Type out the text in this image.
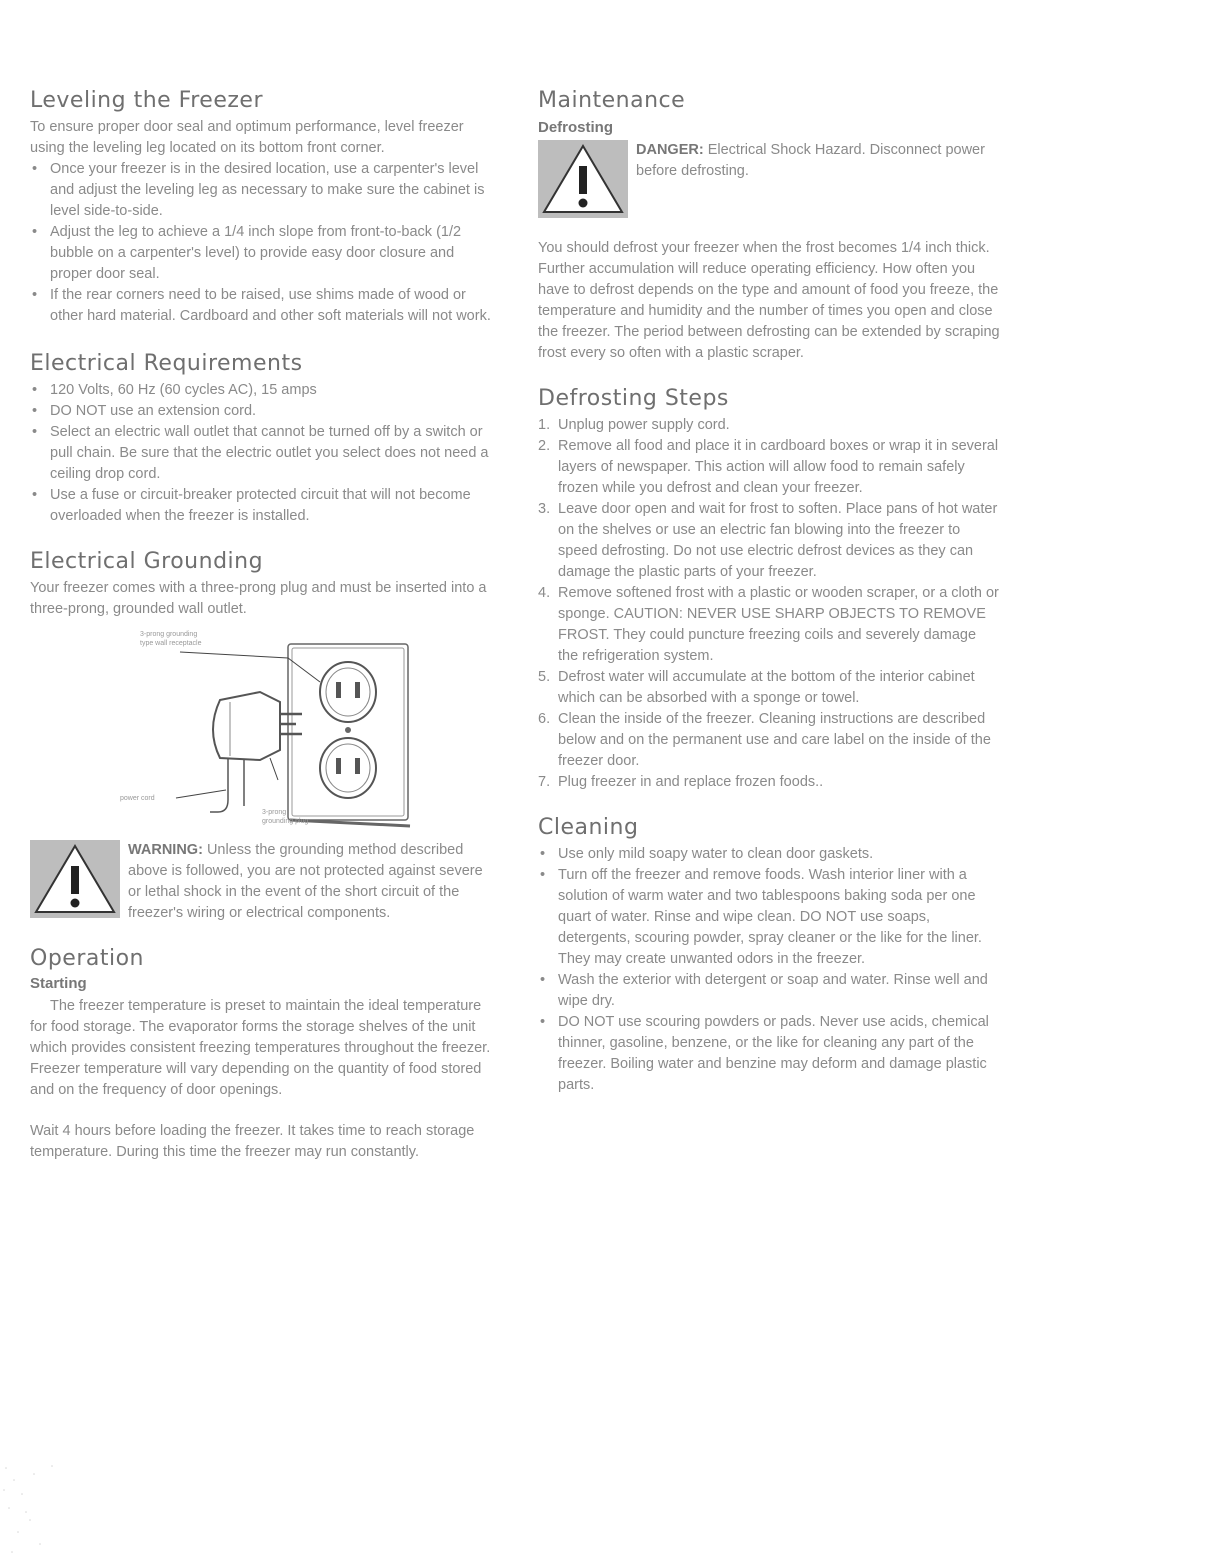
Leveling the Freezer

To ensure proper door seal and optimum performance, level freezer using the leveling leg located on its bottom front corner.

• Once your freezer is in the desired location, use a carpenter's level and adjust the leveling leg as necessary to make sure the cabinet is level side-to-side.
• Adjust the leg to achieve a 1/4 inch slope from front-to-back (1/2 bubble on a carpenter's level) to provide easy door closure and proper door seal.
• If the rear corners need to be raised, use shims made of wood or other hard material. Cardboard and other soft materials will not work.
Electrical Requirements
• 120 Volts, 60 Hz (60 cycles AC), 15 amps
• DO NOT use an extension cord.
• Select an electric wall outlet that cannot be turned off by a switch or pull chain. Be sure that the electric outlet you select does not need a ceiling drop cord.
• Use a fuse or circuit-breaker protected circuit that will not become overloaded when the freezer is installed.
Electrical Grounding

Your freezer comes with a three-prong plug and must be inserted into a three-prong, grounded wall outlet.

3-prong grounding
type wall receptacle
power cord
3-prong
grounding plug
WARNING: Unless the grounding method described above is followed, you are not protected against severe or lethal shock in the event of the short circuit of the freezer's wiring or electrical components.
Operation
Starting

The freezer temperature is preset to maintain the ideal temperature for food storage. The evaporator forms the storage shelves of the unit which provides consistent freezing temperatures throughout the freezer. Freezer temperature will vary depending on the quantity of food stored and on the frequency of door openings.

Wait 4 hours before loading the freezer. It takes time to reach storage temperature. During this time the freezer may run constantly.

Maintenance
Defrosting
DANGER: Electrical Shock Hazard. Disconnect power before defrosting.

You should defrost your freezer when the frost becomes 1/4 inch thick. Further accumulation will reduce operating efficiency. How often you have to defrost depends on the type and amount of food you freeze, the temperature and humidity and the number of times you open and close the freezer. The period between defrosting can be extended by scraping frost every so often with a plastic scraper.

Defrosting Steps
1. Unplug power supply cord.
2. Remove all food and place it in cardboard boxes or wrap it in several layers of newspaper. This action will allow food to remain safely frozen while you defrost and clean your freezer.
3. Leave door open and wait for frost to soften. Place pans of hot water on the shelves or use an electric fan blowing into the freezer to speed defrosting. Do not use electric defrost devices as they can damage the plastic parts of your freezer.
4. Remove softened frost with a plastic or wooden scraper, or a cloth or sponge. CAUTION: NEVER USE SHARP OBJECTS TO REMOVE FROST. They could puncture freezing coils and severely damage the refrigeration system.
5. Defrost water will accumulate at the bottom of the interior cabinet which can be absorbed with a sponge or towel.
6. Clean the inside of the freezer. Cleaning instructions are described below and on the permanent use and care label on the inside of the freezer door.
7. Plug freezer in and replace frozen foods..
Cleaning
• Use only mild soapy water to clean door gaskets.
• Turn off the freezer and remove foods. Wash interior liner with a solution of warm water and two tablespoons baking soda per one quart of water. Rinse and wipe clean. DO NOT use soaps, detergents, scouring powder, spray cleaner or the like for the liner. They may create unwanted odors in the freezer.
• Wash the exterior with detergent or soap and water. Rinse well and wipe dry.
• DO NOT use scouring powders or pads. Never use acids, chemical thinner, gasoline, benzene, or the like for cleaning any part of the freezer. Boiling water and benzine may deform and damage plastic parts.
